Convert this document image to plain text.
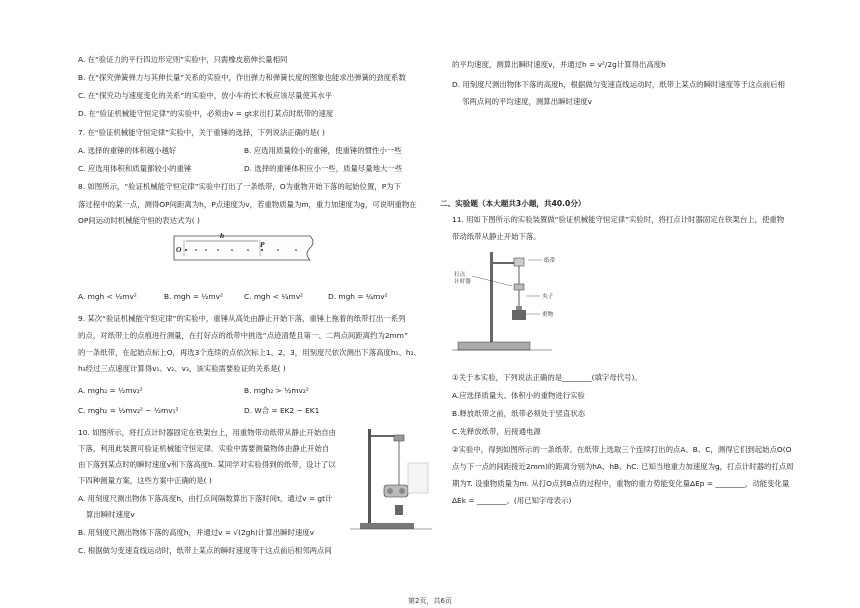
A. 在“验证力的平行四边形定则”实验中，只需橡皮筋伸长量相同
B. 在“探究弹簧弹力与其伸长量”关系的实验中，作出弹力和弹簧长度的图象也能求出弹簧的劲度系数
C. 在“探究功与速度变化的关系”的实验中，放小车的长木板应该尽量使其水平
D. 在“验证机械能守恒定律”的实验中，必须由v = gt求出打某点时纸带的速度
7. 在“验证机械能守恒定律”实验中，关于重锤的选择，下列说法正确的是( )
A. 选择的重锤的体积越小越好	B. 应选用质量较小的重锤，使重锤的惯性小一些
C. 应选用体积和质量都较小的重锤	D. 选择的重锤体积应小一些，质量尽量地大一些
8. 如图所示，“验证机械能守恒定律”实验中打出了一条纸带，O为重物开始下落的起始位置，P为下
落过程中的某一点，测得OP间距离为h，P点速度为v，若重物质量为m，重力加速度为g，可说明重物在
OP间运动时机械能守恒的表达式为( )
O
h
P
A. mgh < ½mv²	B. mgh = ½mv²	C. mgh < ¼mv²	D. mgh = ¼mv²
9. 某次“验证机械能守恒定律”的实验中，重锤从高处由静止开始下落，重锤上拖着的纸带打出一系列
的点，对纸带上的点痕进行测量，在打好点的纸带中挑选“点迹清楚且第一、二两点间距离约为2mm”
的一条纸带，在起始点标上O，再选3个连续的点依次标上1、2、3，用刻度尺依次测出下落高度h₁、h₂、
h₃经过三点速度计算得v₁、v₂、v₃，该实验需要验证的关系是( )
A. mgh₂ = ½mv₂²	B. mgh₂ > ½mv₂²
C. mgh₂ = ½mv₂² − ½mv₁²	D. W合 = EK2 − EK1
10. 如图所示，将打点计时器固定在铁架台上，用重物带动纸带从静止开始自由
下落，利用此装置可验证机械能守恒定律．实验中需要测量物体由静止开始自
由下落到某点时的瞬时速度v和下落高度h. 某同学对实验得到的纸带，设计了以
下四种测量方案，这些方案中正确的是( )
A. 用刻度尺测出物体下落高度h，由打点间隔数算出下落时间t，通过v = gt计
算出瞬时速度v
B. 用刻度尺测出物体下落的高度h，并通过v = √(2gh)计算出瞬时速度v
C. 根据做匀变速直线运动时，纸带上某点的瞬时速度等于这点前后相邻两点间
的平均速度，测算出瞬时速度v，并通过h = v²/2g计算得出高度h
D. 用刻度尺测出物体下落的高度h，根据做匀变速直线运动时，纸带上某点的瞬时速度等于这点前后相
邻两点间的平均速度，测算出瞬时速度v
二、实验题（本大题共3小题，共40.0分）
11. 用如下图所示的实验装置做“验证机械能守恒定律”实验时，将打点计时器固定在铁架台上，使重物
带动纸带从静止开始下落。
打点
计时器
纸带
夹子
重物
①关于本实验，下列说法正确的是________(填字母代号)。
A.应选择质量大、体积小的重物进行实验
B.释放纸带之前，纸带必须处于竖直状态
C.先释放纸带，后接通电源
②实验中，得到如图所示的一条纸带。在纸带上选取三个连续打出的点A、B、C，测得它们到起始点O(O
点与下一点的间距接近2mm)的距离分别为hA、hB、hC. 已知当地重力加速度为g，打点计时器的打点周
期为T. 设重物质量为m. 从打O点到B点的过程中，重物的重力势能变化量ΔEp = ________，动能变化量
ΔEk = ________。(用已知字母表示)
第2页，共6页
